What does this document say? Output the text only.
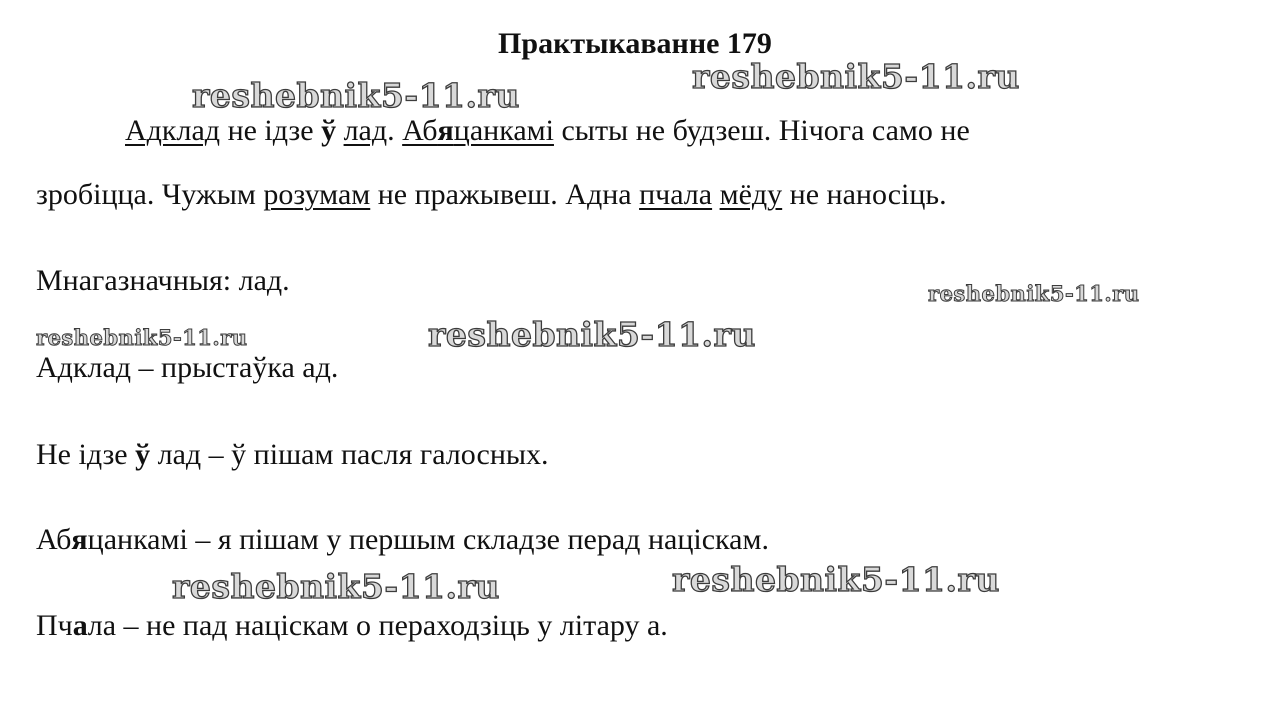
Практыкаванне 179
Адклад не ідзе ў лад. Абяцанкамі сыты не будзеш. Нічога само не
зробіцца. Чужым розумам не пражывеш. Адна пчала мёду не наносіць.
Мнагазначныя: лад.
Адклад – прыстаўка ад.
Не ідзе ў лад – ў пішам пасля галосных.
Абяцанкамі – я пішам у першым складзе перад націскам.
Пчала – не пад націскам о пераходзіць у літару а.
reshebnik5-11.ru	reshebnik5-11.ru
reshebnik5-11.ru
reshebnik5-11.ru	reshebnik5-11.ru
reshebnik5-11.ru	reshebnik5-11.ru
